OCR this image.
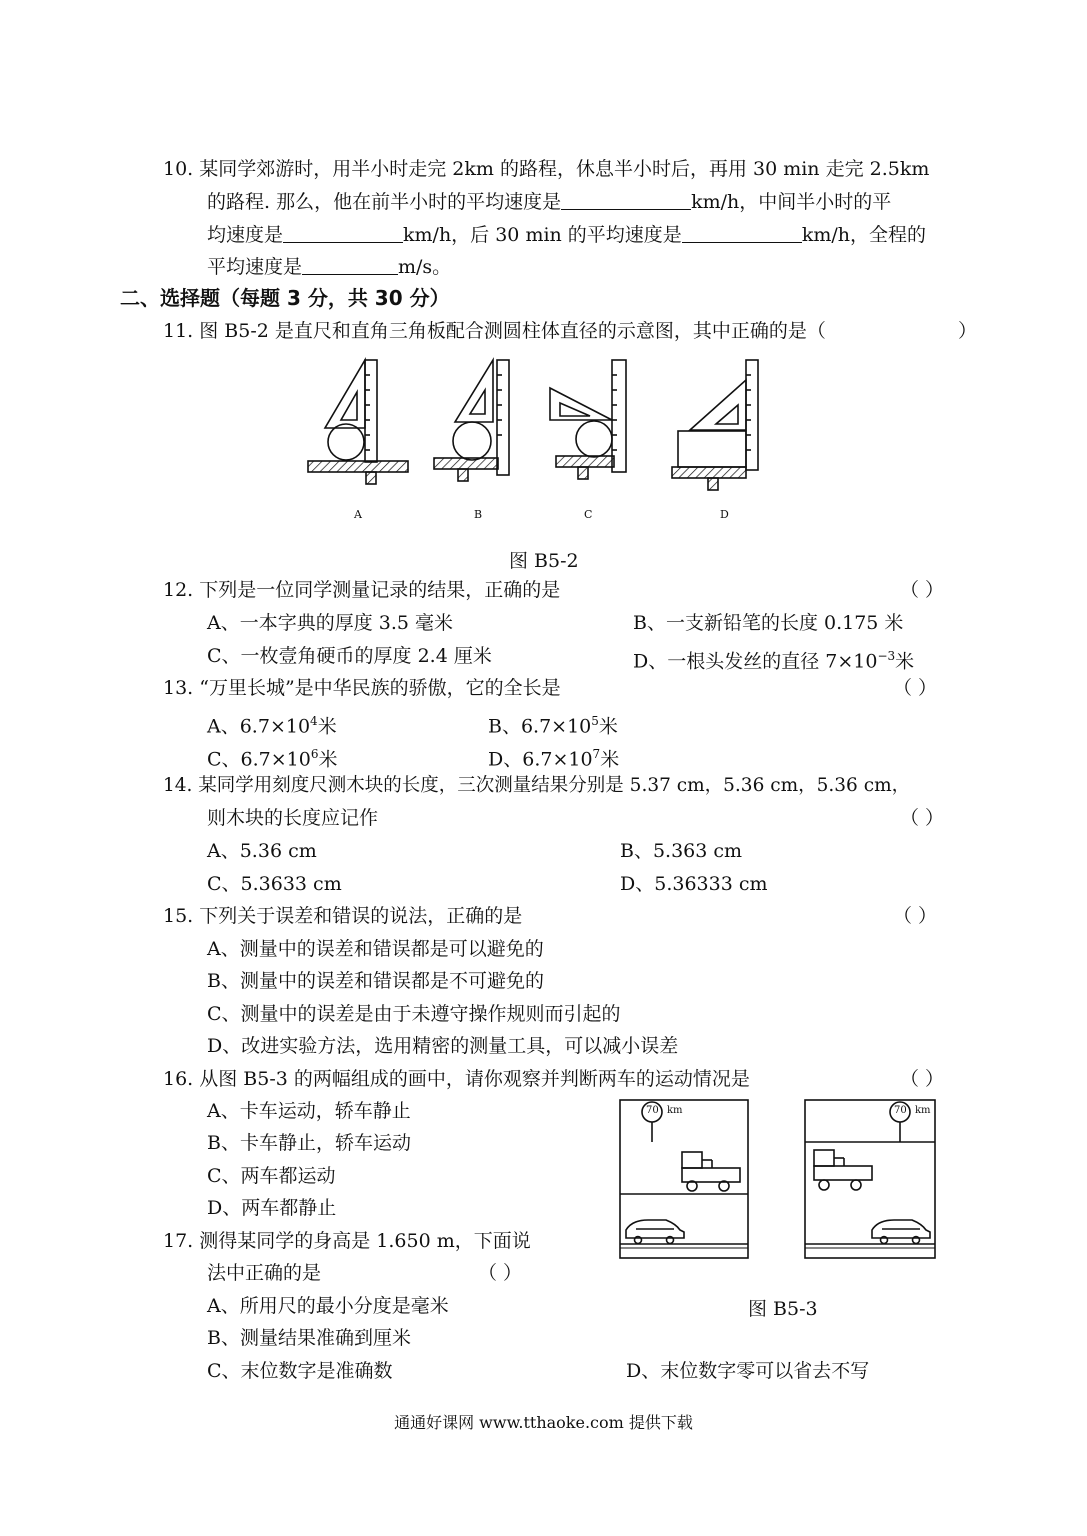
10. 某同学郊游时，用半小时走完 2km 的路程，休息半小时后，再用 30 min 走完 2.5km
的路程. 那么，他在前半小时的平均速度是	km/h，中间半小时的平
均速度是	km/h，后 30 min 的平均速度是	km/h，全程的
平均速度是	m/s。
二、选择题（每题 3 分，共 30 分）
11. 图 B5-2 是直尺和直角三角板配合测圆柱体直径的示意图，其中正确的是（	）
A	B	C	D
图 B5-2
12. 下列是一位同学测量记录的结果，正确的是	（ ）
A、一本字典的厚度 3.5 毫米	B、一支新铅笔的长度 0.175 米
C、一枚壹角硬币的厚度 2.4 厘米	D、一根头发丝的直径 $7\times 10^{-3}$米
13. “万里长城”是中华民族的骄傲，它的全长是	（ ）
A、$6.7\times 10^4$米	B、$6.7\times 10^5$米
C、$6.7\times 10^6$米	D、$6.7\times 10^7$米
14. 某同学用刻度尺测木块的长度，三次测量结果分别是 5.37 cm，5.36 cm，5.36 cm，
则木块的长度应记作	（ ）
A、5.36 cm	B、5.363 cm
C、5.3633 cm	D、5.36333 cm
15. 下列关于误差和错误的说法，正确的是	（ ）
A、测量中的误差和错误都是可以避免的
B、测量中的误差和错误都是不可避免的
C、测量中的误差是由于未遵守操作规则而引起的
D、改进实验方法，选用精密的测量工具，可以减小误差
16. 从图 B5-3 的两幅组成的画中，请你观察并判断两车的运动情况是	（ ）
A、卡车运动，轿车静止
B、卡车静止，轿车运动
C、两车都运动
D、两车都静止
70 km	70 km
17. 测得某同学的身高是 1.650 m，下面说
法中正确的是	（ ）
A、所用尺的最小分度是毫米	图 B5-3
B、测量结果准确到厘米
C、末位数字是准确数	D、末位数字零可以省去不写
通通好课网 www.tthaoke.com 提供下载
